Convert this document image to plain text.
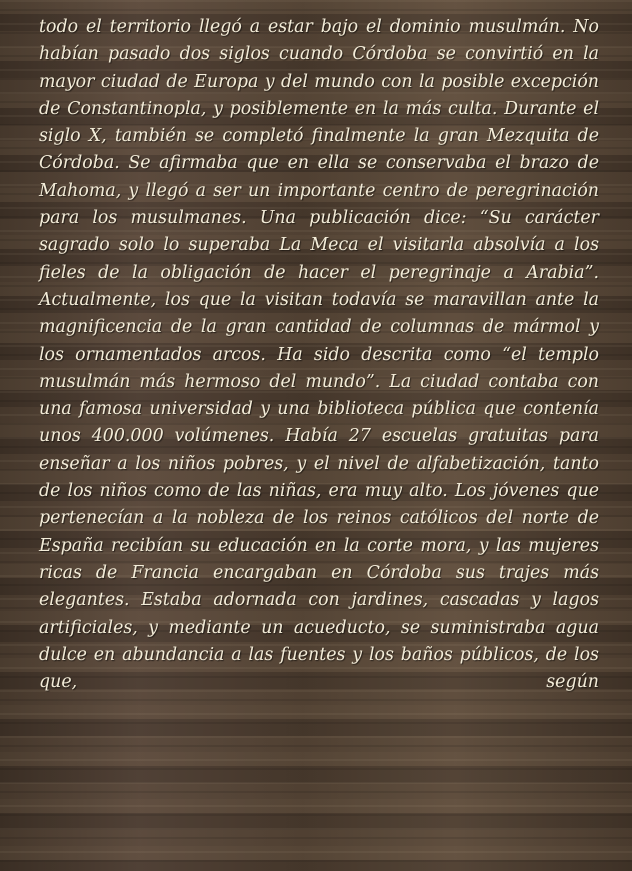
todo el territorio llegó a estar bajo el dominio musulmán. No habían pasado dos siglos cuando Córdoba se convirtió en la mayor ciudad de Europa y del mundo con la posible excepción de Constantinopla, y posiblemente en la más culta. Durante el siglo X, también se completó finalmente la gran Mezquita de Córdoba. Se afirmaba que en ella se conservaba el brazo de Mahoma, y llegó a ser un importante centro de peregrinación para los musulmanes. Una publicación dice: “Su carácter sagrado solo lo superaba La Meca el visitarla absolvía a los fieles de la obligación de hacer el peregrinaje a Arabia”. Actualmente, los que la visitan todavía se maravillan ante la magnificencia de la gran cantidad de columnas de mármol y los ornamentados arcos. Ha sido descrita como “el templo musulmán más hermoso del mundo”. La ciudad contaba con una famosa universidad y una biblioteca pública que contenía unos 400.000 volúmenes. Había 27 escuelas gratuitas para enseñar a los niños pobres, y el nivel de alfabetización, tanto de los niños como de las niñas, era muy alto. Los jóvenes que pertenecían a la nobleza de los reinos católicos del norte de España recibían su educación en la corte mora, y las mujeres ricas de Francia encargaban en Córdoba sus trajes más elegantes. Estaba adornada con jardines, cascadas y lagos artificiales, y mediante un acueducto, se suministraba agua dulce en abundancia a las fuentes y los baños públicos, de los que, según
